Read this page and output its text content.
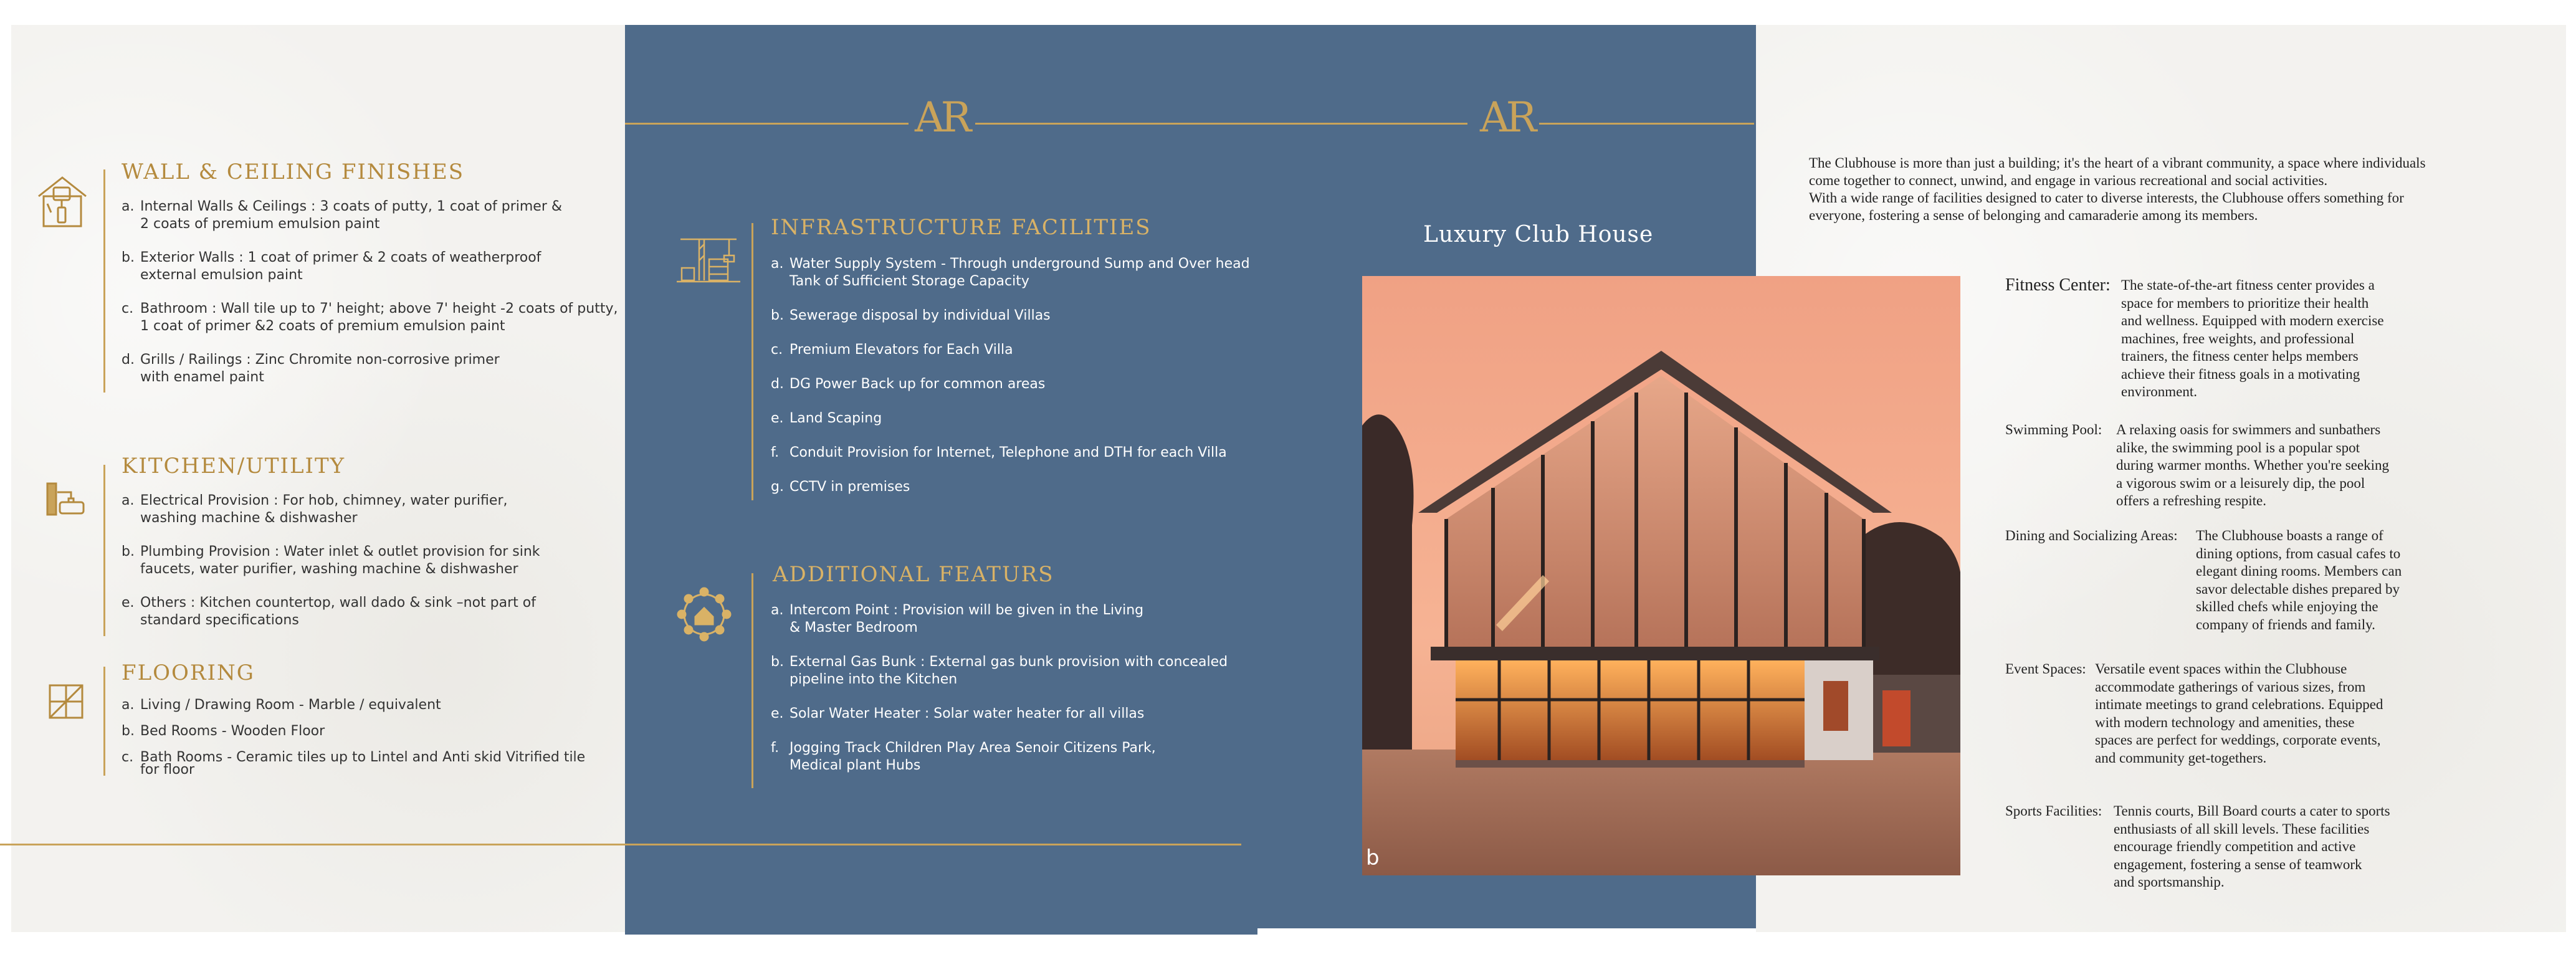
AR	AR
WALL & CEILING FINISHES
a. Internal Walls & Ceilings : 3 coats of putty, 1 coat of primer &
2 coats of premium emulsion paint
b. Exterior Walls : 1 coat of primer & 2 coats of weatherproof
external emulsion paint
c. Bathroom : Wall tile up to 7' height; above 7' height -2 coats of putty,
1 coat of primer &2 coats of premium emulsion paint
d. Grills / Railings : Zinc Chromite non-corrosive primer
with enamel paint
KITCHEN/UTILITY
a. Electrical Provision : For hob, chimney, water purifier,
washing machine & dishwasher
b. Plumbing Provision : Water inlet & outlet provision for sink
faucets, water purifier, washing machine & dishwasher
e. Others : Kitchen countertop, wall dado & sink –not part of
standard specifications
FLOORING
a. Living / Drawing Room - Marble / equivalent
b. Bed Rooms - Wooden Floor
c. Bath Rooms - Ceramic tiles up to Lintel and Anti skid Vitrified tile
for floor
INFRASTRUCTURE FACILITIES
a. Water Supply System - Through underground Sump and Over head
Tank of Sufficient Storage Capacity
b. Sewerage disposal by individual Villas
c. Premium Elevators for Each Villa
d. DG Power Back up for common areas
e. Land Scaping
f. Conduit Provision for Internet, Telephone and DTH for each Villa
g. CCTV in premises
ADDITIONAL FEATURS
a. Intercom Point : Provision will be given in the Living
& Master Bedroom
b. External Gas Bunk : External gas bunk provision with concealed
pipeline into the Kitchen
e. Solar Water Heater : Solar water heater for all villas
f. Jogging Track Children Play Area Senoir Citizens Park,
Medical plant Hubs
Luxury Club House
b
The Clubhouse is more than just a building; it's the heart of a vibrant community, a space where individuals
come together to connect, unwind, and engage in various recreational and social activities.
With a wide range of facilities designed to cater to diverse interests, the Clubhouse offers something for
everyone, fostering a sense of belonging and camaraderie among its members.
Fitness Center: The state-of-the-art fitness center provides a
space for members to prioritize their health
and wellness. Equipped with modern exercise
machines, free weights, and professional
trainers, the fitness center helps members
achieve their fitness goals in a motivating
environment.
Swimming Pool: A relaxing oasis for swimmers and sunbathers
alike, the swimming pool is a popular spot
during warmer months. Whether you're seeking
a vigorous swim or a leisurely dip, the pool
offers a refreshing respite.
Dining and Socializing Areas: The Clubhouse boasts a range of
dining options, from casual cafes to
elegant dining rooms. Members can
savor delectable dishes prepared by
skilled chefs while enjoying the
company of friends and family.
Event Spaces: Versatile event spaces within the Clubhouse
accommodate gatherings of various sizes, from
intimate meetings to grand celebrations. Equipped
with modern technology and amenities, these
spaces are perfect for weddings, corporate events,
and community get-togethers.
Sports Facilities: Tennis courts, Bill Board courts a cater to sports
enthusiasts of all skill levels. These facilities
encourage friendly competition and active
engagement, fostering a sense of teamwork
and sportsmanship.
